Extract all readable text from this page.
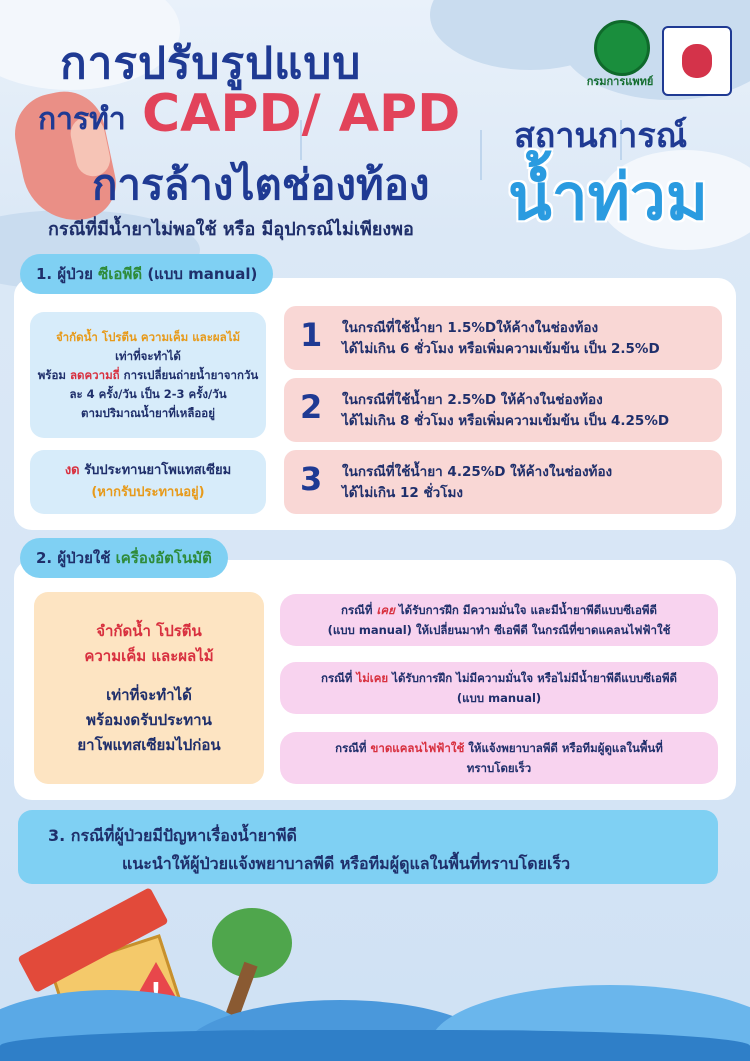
กรมการแพทย์
การปรับรูปแบบ
การทำ CAPD/ APD
การล้างไตช่องท้อง
กรณีที่มีน้ำยาไม่พอใช้ หรือ มีอุปกรณ์ไม่เพียงพอ
สถานการณ์
น้ำท่วม
1. ผู้ป่วย
ซีเอพีดี
(แบบ manual)
จำกัดน้ำ โปรตีน ความเค็ม และผลไม้
เท่าที่จะทำได้
พร้อม ลดความถี่ การเปลี่ยนถ่ายน้ำยาจากวัน
ละ 4 ครั้ง/วัน เป็น 2-3 ครั้ง/วัน
ตามปริมาณน้ำยาที่เหลืออยู่
งด รับประทานยาโพแทสเซียม
(หากรับประทานอยู่)
1 ในกรณีที่ใช้น้ำยา 1.5%Dให้ค้างในช่องท้อง
ได้ไม่เกิน 6 ชั่วโมง หรือเพิ่มความเข้มข้น เป็น 2.5%D
2 ในกรณีที่ใช้น้ำยา 2.5%D ให้ค้างในช่องท้อง
ได้ไม่เกิน 8 ชั่วโมง หรือเพิ่มความเข้มข้น เป็น 4.25%D
3 ในกรณีที่ใช้น้ำยา 4.25%D ให้ค้างในช่องท้อง
ได้ไม่เกิน 12 ชั่วโมง
2. ผู้ป่วยใช้
เครื่องอัตโนมัติ
จำกัดน้ำ โปรตีน
ความเค็ม และผลไม้
เท่าที่จะทำได้
พร้อมงดรับประทาน
ยาโพแทสเซียมไปก่อน
กรณีที่ เคย ได้รับการฝึก มีความมั่นใจ และมีน้ำยาพีดีแบบซีเอพีดี
(แบบ manual) ให้เปลี่ยนมาทำ ซีเอพีดี ในกรณีที่ขาดแคลนไฟฟ้าใช้
กรณีที่ ไม่เคย ได้รับการฝึก ไม่มีความมั่นใจ หรือไม่มีน้ำยาพีดีแบบซีเอพีดี
(แบบ manual)
กรณีที่ ขาดแคลนไฟฟ้าใช้ ให้แจ้งพยาบาลพีดี หรือทีมผู้ดูแลในพื้นที่
ทราบโดยเร็ว
3. กรณีที่ผู้ป่วยมีปัญหาเรื่องน้ำยาพีดี
แนะนำให้ผู้ป่วยแจ้งพยาบาลพีดี หรือทีมผู้ดูแลในพื้นที่ทราบโดยเร็ว
